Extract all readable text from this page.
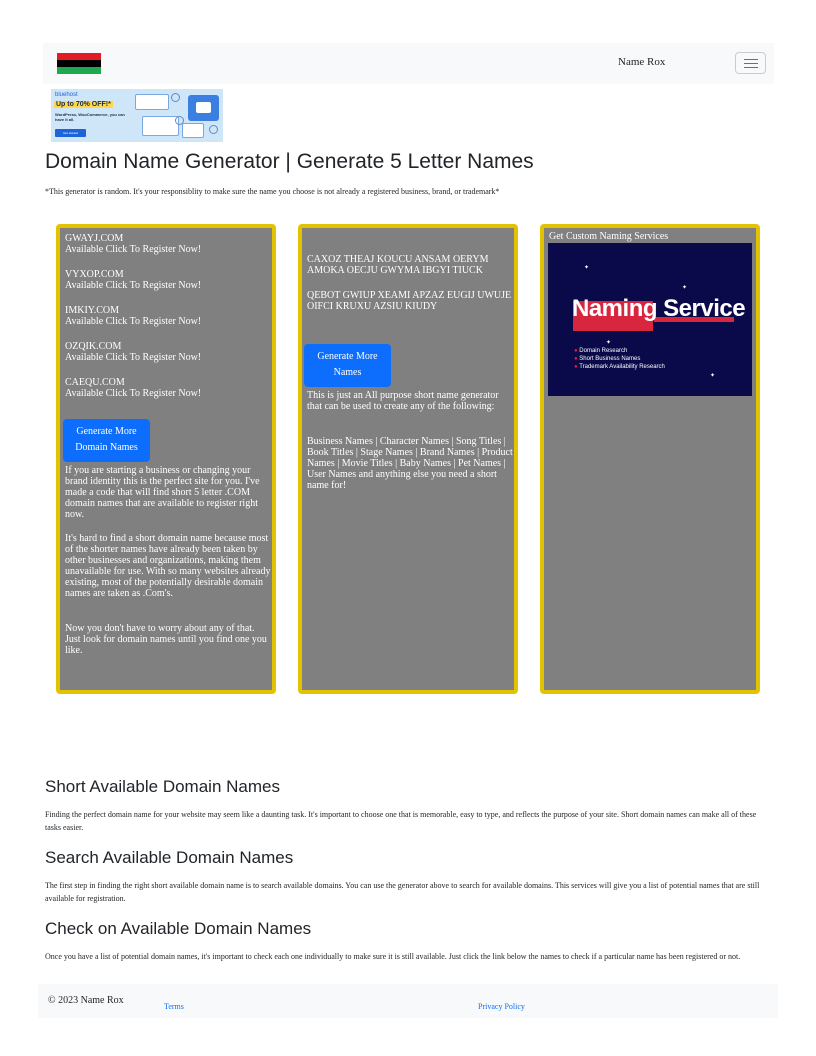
Name Rox
bluehost
Up to 70% OFF!*
WordPress, WooCommerce, you can have it all.
Get started
Domain Name Generator | Generate 5 Letter Names
*This generator is random. It's your responsiblity to make sure the name you choose is not already a registered business, brand, or trademark*
GWAYJ.COM
Available Click To Register Now!
VYXOP.COM
Available Click To Register Now!
IMKIY.COM
Available Click To Register Now!
OZQIK.COM
Available Click To Register Now!
CAEQU.COM
Available Click To Register Now!
Generate More Domain Names
If you are starting a business or changing your brand identity this is the perfect site for you. I've made a code that will find short 5 letter .COM domain names that are available to register right now.
It's hard to find a short domain name because most of the shorter names have already been taken by other businesses and organizations, making them unavailable for use. With so many websites already existing, most of the potentially desirable domain names are taken as .Com's.
Now you don't have to worry about any of that. Just look for domain names until you find one you like.
CAXOZ THEAJ KOUCU ANSAM OERYM AMOKA OECJU GWYMA IBGYI TIUCK
QEBOT GWIUP XEAMI APZAZ EUGIJ UWUJE OIFCI KRUXU AZSIU KIUDY
Generate More Names
This is just an All purpose short name generator that can be used to create any of the following:
Business Names | Character Names | Song Titles | Book Titles | Stage Names | Brand Names | Product Names | Movie Titles | Baby Names | Pet Names | User Names and anything else you need a short name for!
Get Custom Naming Services
Naming Service
● Domain Research
● Short Business Names
● Trademark Availability Research
✦
✦
✦
✦
Short Available Domain Names

Finding the perfect domain name for your website may seem like a daunting task. It's important to choose one that is memorable, easy to type, and reflects the purpose of your site. Short domain names can make all of these tasks easier.

Search Available Domain Names

The first step in finding the right short available domain name is to search available domains. You can use the generator above to search for available domains. This services will give you a list of potential names that are still available for registration.

Check on Available Domain Names

Once you have a list of potential domain names, it's important to check each one individually to make sure it is still available. Just click the link below the names to check if a particular name has been registered or not.

© 2023 Name Rox
Terms	Privacy Policy
